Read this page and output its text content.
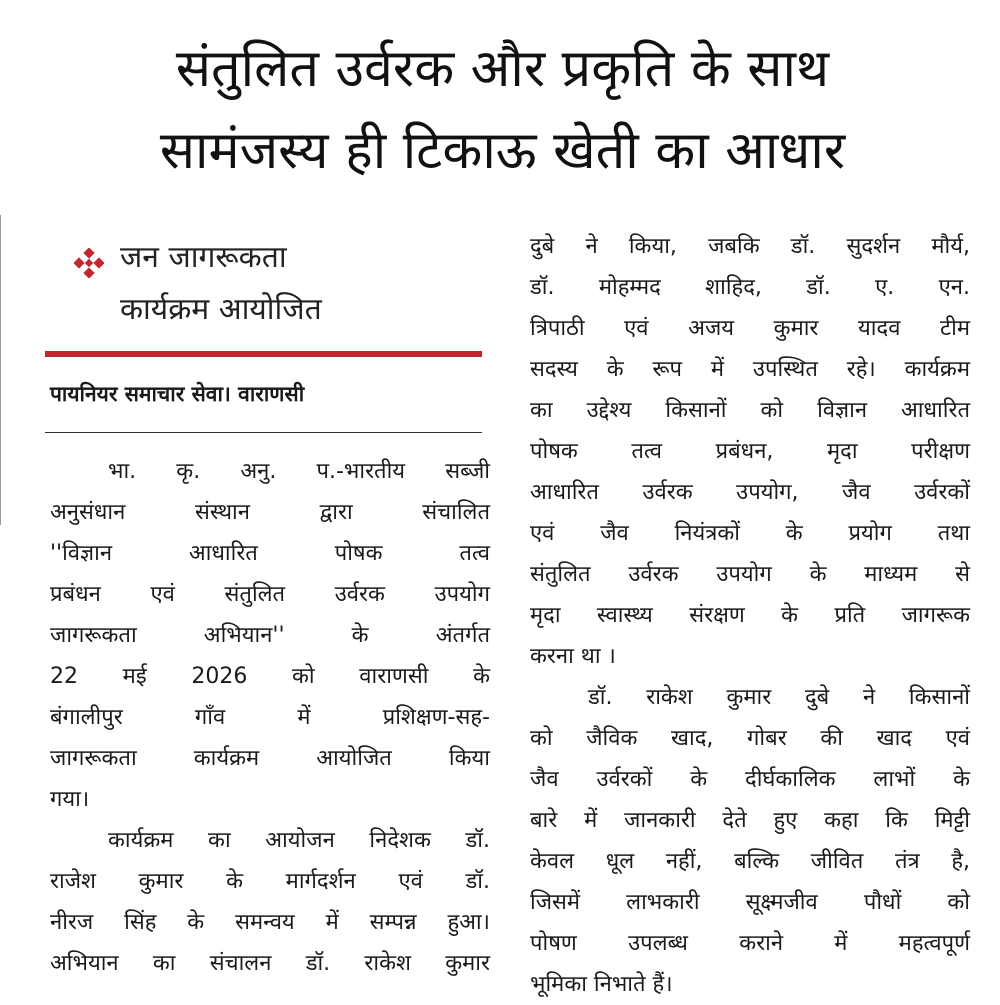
संतुलित उर्वरक और प्रकृति के साथ
सामंजस्य ही टिकाऊ खेती का आधार
जन जागरूकता
कार्यक्रम आयोजित
पायनियर समाचार सेवा। वाराणसी
भा. कृ. अनु. प.-भारतीय सब्जी
अनुसंधान संस्थान द्वारा संचालित
''विज्ञान आधारित पोषक तत्व
प्रबंधन एवं संतुलित उर्वरक उपयोग
जागरूकता अभियान'' के अंतर्गत
22 मई 2026 को वाराणसी के
बंगालीपुर गाँव में प्रशिक्षण-सह-
जागरूकता कार्यक्रम आयोजित किया
गया।
कार्यक्रम का आयोजन निदेशक डॉ.
राजेश कुमार के मार्गदर्शन एवं डॉ.
नीरज सिंह के समन्वय में सम्पन्न हुआ।
अभियान का संचालन डॉ. राकेश कुमार
दुबे ने किया, जबकि डॉ. सुदर्शन मौर्य,
डॉ. मोहम्मद शाहिद, डॉ. ए. एन.
त्रिपाठी एवं अजय कुमार यादव टीम
सदस्य के रूप में उपस्थित रहे। कार्यक्रम
का उद्देश्य किसानों को विज्ञान आधारित
पोषक तत्व प्रबंधन, मृदा परीक्षण
आधारित उर्वरक उपयोग, जैव उर्वरकों
एवं जैव नियंत्रकों के प्रयोग तथा
संतुलित उर्वरक उपयोग के माध्यम से
मृदा स्वास्थ्य संरक्षण के प्रति जागरूक
करना था ।
डॉ. राकेश कुमार दुबे ने किसानों
को जैविक खाद, गोबर की खाद एवं
जैव उर्वरकों के दीर्घकालिक लाभों के
बारे में जानकारी देते हुए कहा कि मिट्टी
केवल धूल नहीं, बल्कि जीवित तंत्र है,
जिसमें लाभकारी सूक्ष्मजीव पौधों को
पोषण उपलब्ध कराने में महत्वपूर्ण
भूमिका निभाते हैं।
